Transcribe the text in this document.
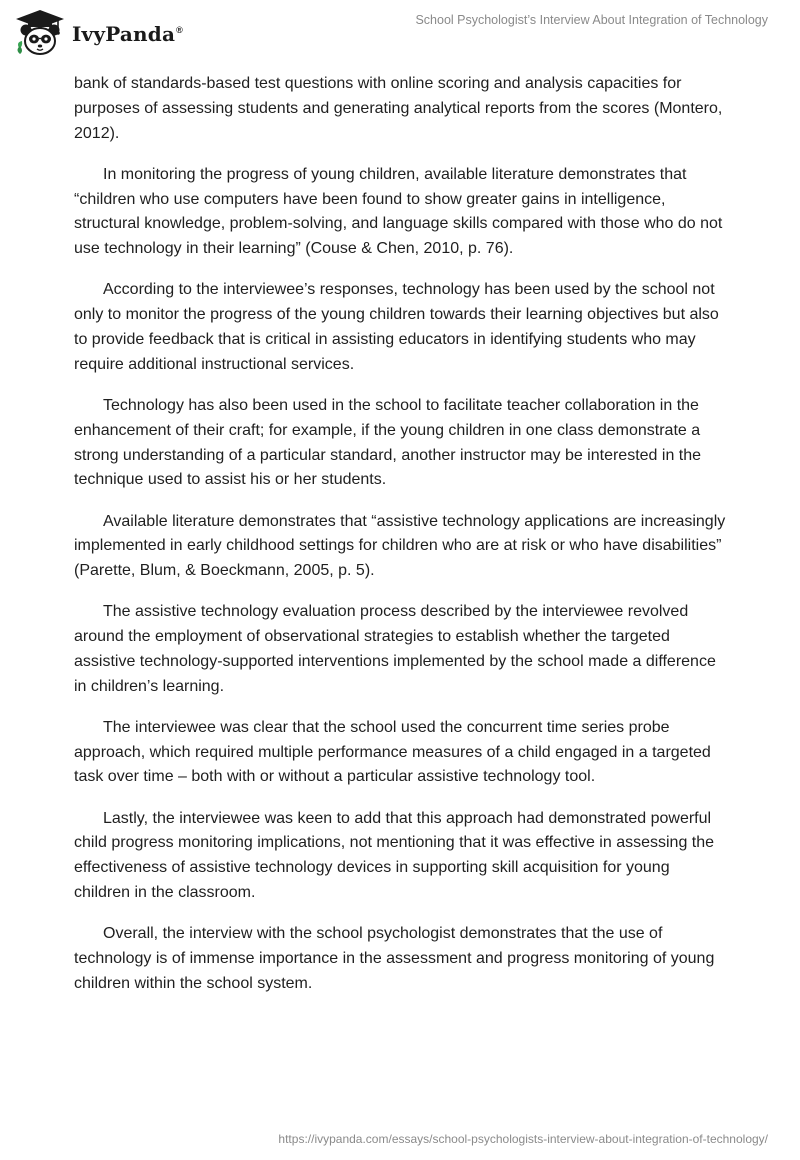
IvyPanda®
School Psychologist’s Interview About Integration of Technology

bank of standards-based test questions with online scoring and analysis capacities for purposes of assessing students and generating analytical reports from the scores (Montero, 2012).

In monitoring the progress of young children, available literature demonstrates that “children who use computers have been found to show greater gains in intelligence, structural knowledge, problem-solving, and language skills compared with those who do not use technology in their learning” (Couse & Chen, 2010, p. 76).

According to the interviewee’s responses, technology has been used by the school not only to monitor the progress of the young children towards their learning objectives but also to provide feedback that is critical in assisting educators in identifying students who may require additional instructional services.

Technology has also been used in the school to facilitate teacher collaboration in the enhancement of their craft; for example, if the young children in one class demonstrate a strong understanding of a particular standard, another instructor may be interested in the technique used to assist his or her students.

Available literature demonstrates that “assistive technology applications are increasingly implemented in early childhood settings for children who are at risk or who have disabilities” (Parette, Blum, & Boeckmann, 2005, p. 5).

The assistive technology evaluation process described by the interviewee revolved around the employment of observational strategies to establish whether the targeted assistive technology-supported interventions implemented by the school made a difference in children’s learning.

The interviewee was clear that the school used the concurrent time series probe approach, which required multiple performance measures of a child engaged in a targeted task over time – both with or without a particular assistive technology tool.

Lastly, the interviewee was keen to add that this approach had demonstrated powerful child progress monitoring implications, not mentioning that it was effective in assessing the effectiveness of assistive technology devices in supporting skill acquisition for young children in the classroom.

Overall, the interview with the school psychologist demonstrates that the use of technology is of immense importance in the assessment and progress monitoring of young children within the school system.

https://ivypanda.com/essays/school-psychologists-interview-about-integration-of-technology/
